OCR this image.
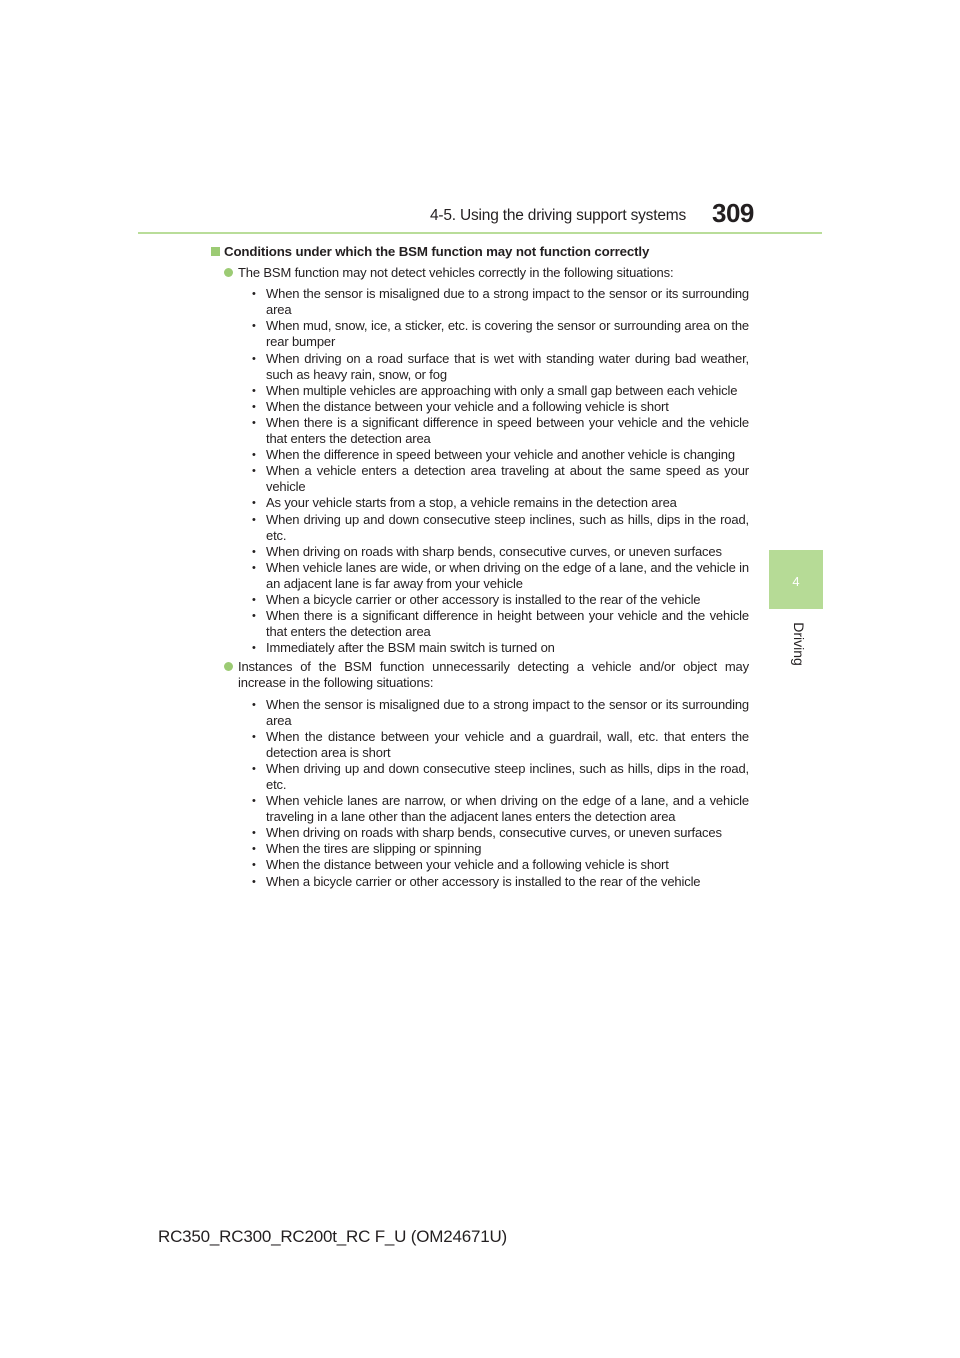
4-5. Using the driving support systems 309
4
Driving
Conditions under which the BSM function may not function correctly
The BSM function may not detect vehicles correctly in the following situations:
• When the sensor is misaligned due to a strong impact to the sensor or its surrounding area
• When mud, snow, ice, a sticker, etc. is covering the sensor or surrounding area on the rear bumper
• When driving on a road surface that is wet with standing water during bad weather, such as heavy rain, snow, or fog
• When multiple vehicles are approaching with only a small gap between each vehicle
• When the distance between your vehicle and a following vehicle is short
• When there is a significant difference in speed between your vehicle and the vehicle that enters the detection area
• When the difference in speed between your vehicle and another vehicle is changing
• When a vehicle enters a detection area traveling at about the same speed as your vehicle
• As your vehicle starts from a stop, a vehicle remains in the detection area
• When driving up and down consecutive steep inclines, such as hills, dips in the road, etc.
• When driving on roads with sharp bends, consecutive curves, or uneven surfaces
• When vehicle lanes are wide, or when driving on the edge of a lane, and the vehicle in an adjacent lane is far away from your vehicle
• When a bicycle carrier or other accessory is installed to the rear of the vehicle
• When there is a significant difference in height between your vehicle and the vehicle that enters the detection area
• Immediately after the BSM main switch is turned on
Instances of the BSM function unnecessarily detecting a vehicle and/or object may increase in the following situations:
• When the sensor is misaligned due to a strong impact to the sensor or its surrounding area
• When the distance between your vehicle and a guardrail, wall, etc. that enters the detection area is short
• When driving up and down consecutive steep inclines, such as hills, dips in the road, etc.
• When vehicle lanes are narrow, or when driving on the edge of a lane, and a vehicle traveling in a lane other than the adjacent lanes enters the detection area
• When driving on roads with sharp bends, consecutive curves, or uneven surfaces
• When the tires are slipping or spinning
• When the distance between your vehicle and a following vehicle is short
• When a bicycle carrier or other accessory is installed to the rear of the vehicle
RC350_RC300_RC200t_RC F_U (OM24671U)
